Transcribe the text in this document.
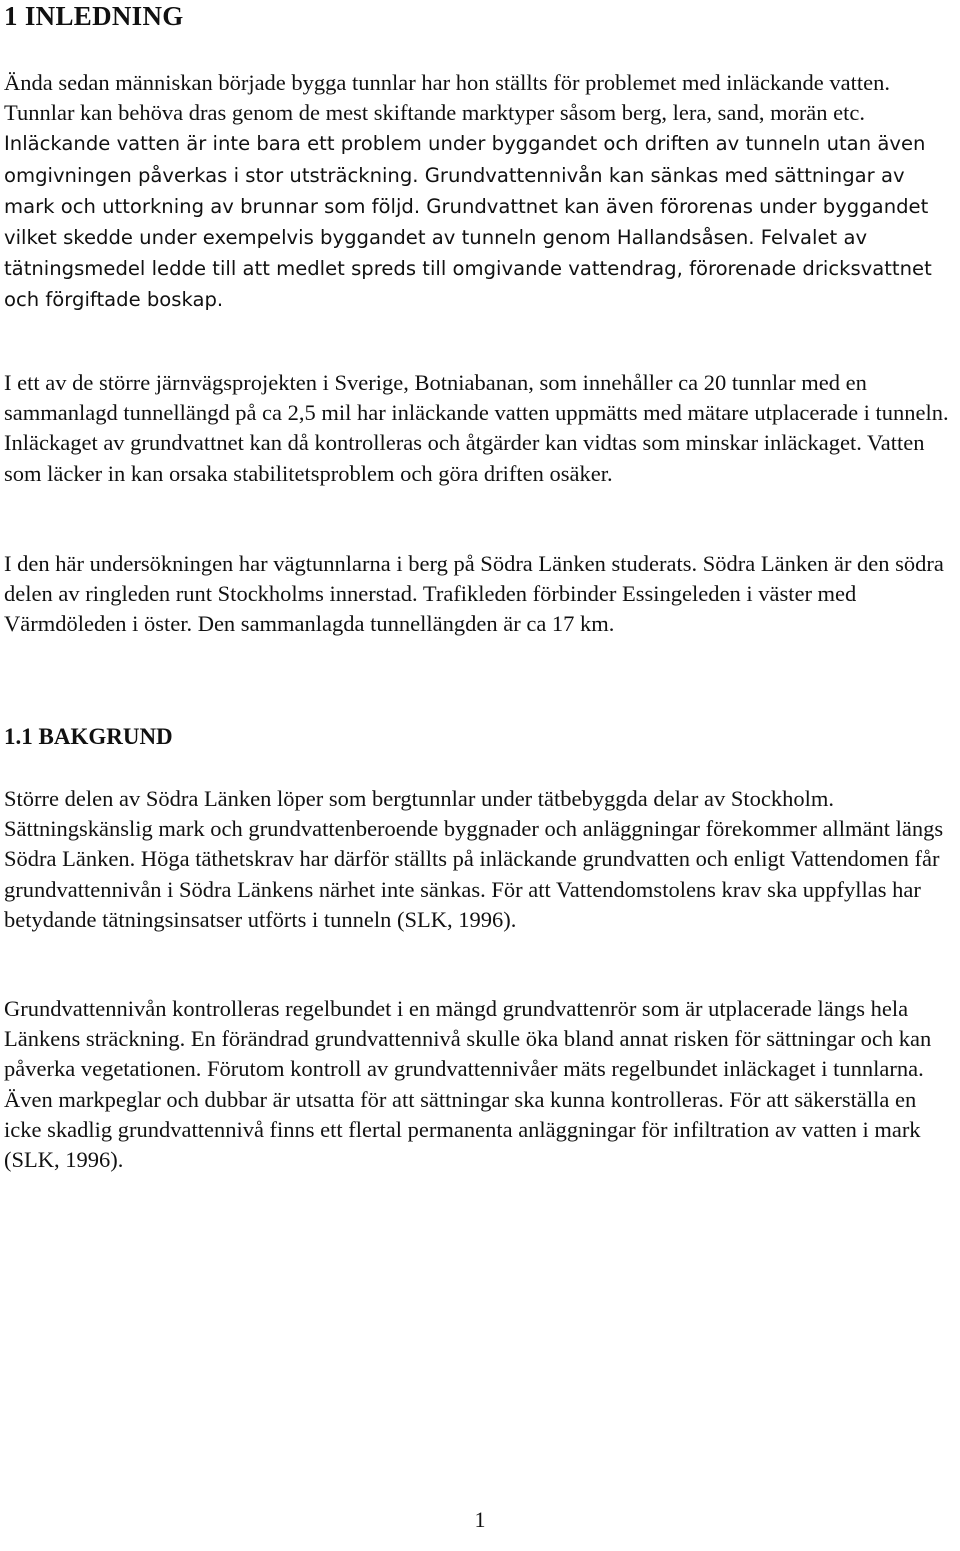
1 INLEDNING

Ända sedan människan började bygga tunnlar har hon ställts för problemet med inläckande vatten. Tunnlar kan behöva dras genom de mest skiftande marktyper såsom berg, lera, sand, morän etc. Inläckande vatten är inte bara ett problem under byggandet och driften av tunneln utan även omgivningen påverkas i stor utsträckning. Grundvattennivån kan sänkas med sättningar av mark och uttorkning av brunnar som följd. Grundvattnet kan även förorenas under byggandet vilket skedde under exempelvis byggandet av tunneln genom Hallandsåsen. Felvalet av tätningsmedel ledde till att medlet spreds till omgivande vattendrag, förorenade dricksvattnet och förgiftade boskap.

I ett av de större järnvägsprojekten i Sverige, Botniabanan, som innehåller ca 20 tunnlar med en sammanlagd tunnellängd på ca 2,5 mil har inläckande vatten uppmätts med mätare utplacerade i tunneln. Inläckaget av grundvattnet kan då kontrolleras och åtgärder kan vidtas som minskar inläckaget. Vatten som läcker in kan orsaka stabilitetsproblem och göra driften osäker.

I den här undersökningen har vägtunnlarna i berg på Södra Länken studerats. Södra Länken är den södra delen av ringleden runt Stockholms innerstad. Trafikleden förbinder Essingeleden i väster med Värmdöleden i öster. Den sammanlagda tunnellängden är ca 17 km.

1.1 BAKGRUND

Större delen av Södra Länken löper som bergtunnlar under tätbebyggda delar av Stockholm. Sättningskänslig mark och grundvattenberoende byggnader och anläggningar förekommer allmänt längs Södra Länken. Höga täthetskrav har därför ställts på inläckande grundvatten och enligt Vattendomen får grundvattennivån i Södra Länkens närhet inte sänkas. För att Vattendomstolens krav ska uppfyllas har betydande tätningsinsatser utförts i tunneln (SLK, 1996).

Grundvattennivån kontrolleras regelbundet i en mängd grundvattenrör som är utplacerade längs hela Länkens sträckning. En förändrad grundvattennivå skulle öka bland annat risken för sättningar och kan påverka vegetationen. Förutom kontroll av grundvattennivåer mäts regelbundet inläckaget i tunnlarna. Även markpeglar och dubbar är utsatta för att sättningar ska kunna kontrolleras. För att säkerställa en icke skadlig grundvattennivå finns ett flertal permanenta anläggningar för infiltration av vatten i mark (SLK, 1996).

1
